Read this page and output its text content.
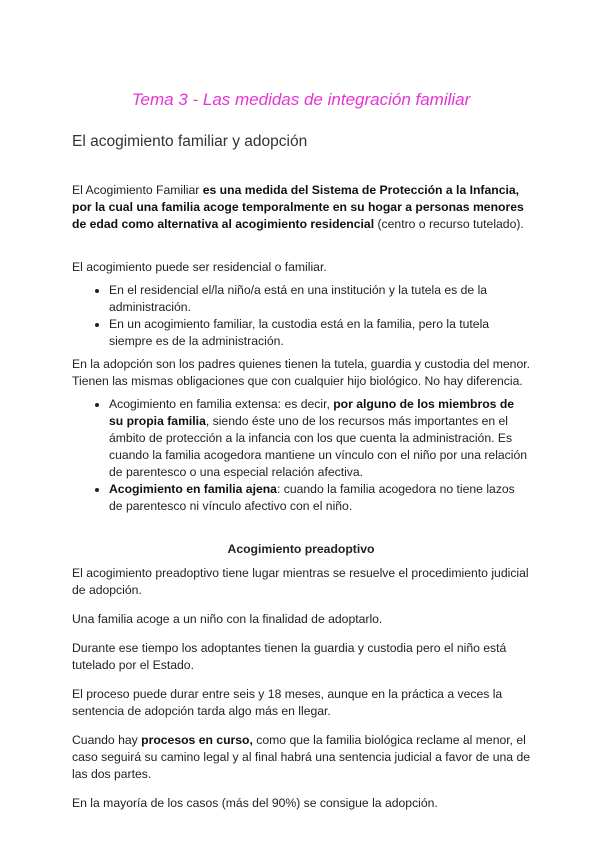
Tema 3 - Las medidas de integración familiar
El acogimiento familiar y adopción

El Acogimiento Familiar es una medida del Sistema de Protección a la Infancia, por la cual una familia acoge temporalmente en su hogar a personas menores de edad como alternativa al acogimiento residencial (centro o recurso tutelado).

El acogimiento puede ser residencial o familiar.

• En el residencial el/la niño/a está en una institución y la tutela es de la administración.
• En un acogimiento familiar, la custodia está en la familia, pero la tutela siempre es de la administración.

En la adopción son los padres quienes tienen la tutela, guardia y custodia del menor. Tienen las mismas obligaciones que con cualquier hijo biológico. No hay diferencia.

• Acogimiento en familia extensa: es decir, por alguno de los miembros de su propia familia, siendo éste uno de los recursos más importantes en el ámbito de protección a la infancia con los que cuenta la administración. Es cuando la familia acogedora mantiene un vínculo con el niño por una relación de parentesco o una especial relación afectiva.
• Acogimiento en familia ajena: cuando la familia acogedora no tiene lazos de parentesco ni vínculo afectivo con el niño.
Acogimiento preadoptivo

El acogimiento preadoptivo tiene lugar mientras se resuelve el procedimiento judicial de adopción.

Una familia acoge a un niño con la finalidad de adoptarlo.

Durante ese tiempo los adoptantes tienen la guardia y custodia pero el niño está tutelado por el Estado.

El proceso puede durar entre seis y 18 meses, aunque en la práctica a veces la sentencia de adopción tarda algo más en llegar.

Cuando hay procesos en curso, como que la familia biológica reclame al menor, el caso seguirá su camino legal y al final habrá una sentencia judicial a favor de una de las dos partes.

En la mayoría de los casos (más del 90%) se consigue la adopción.
